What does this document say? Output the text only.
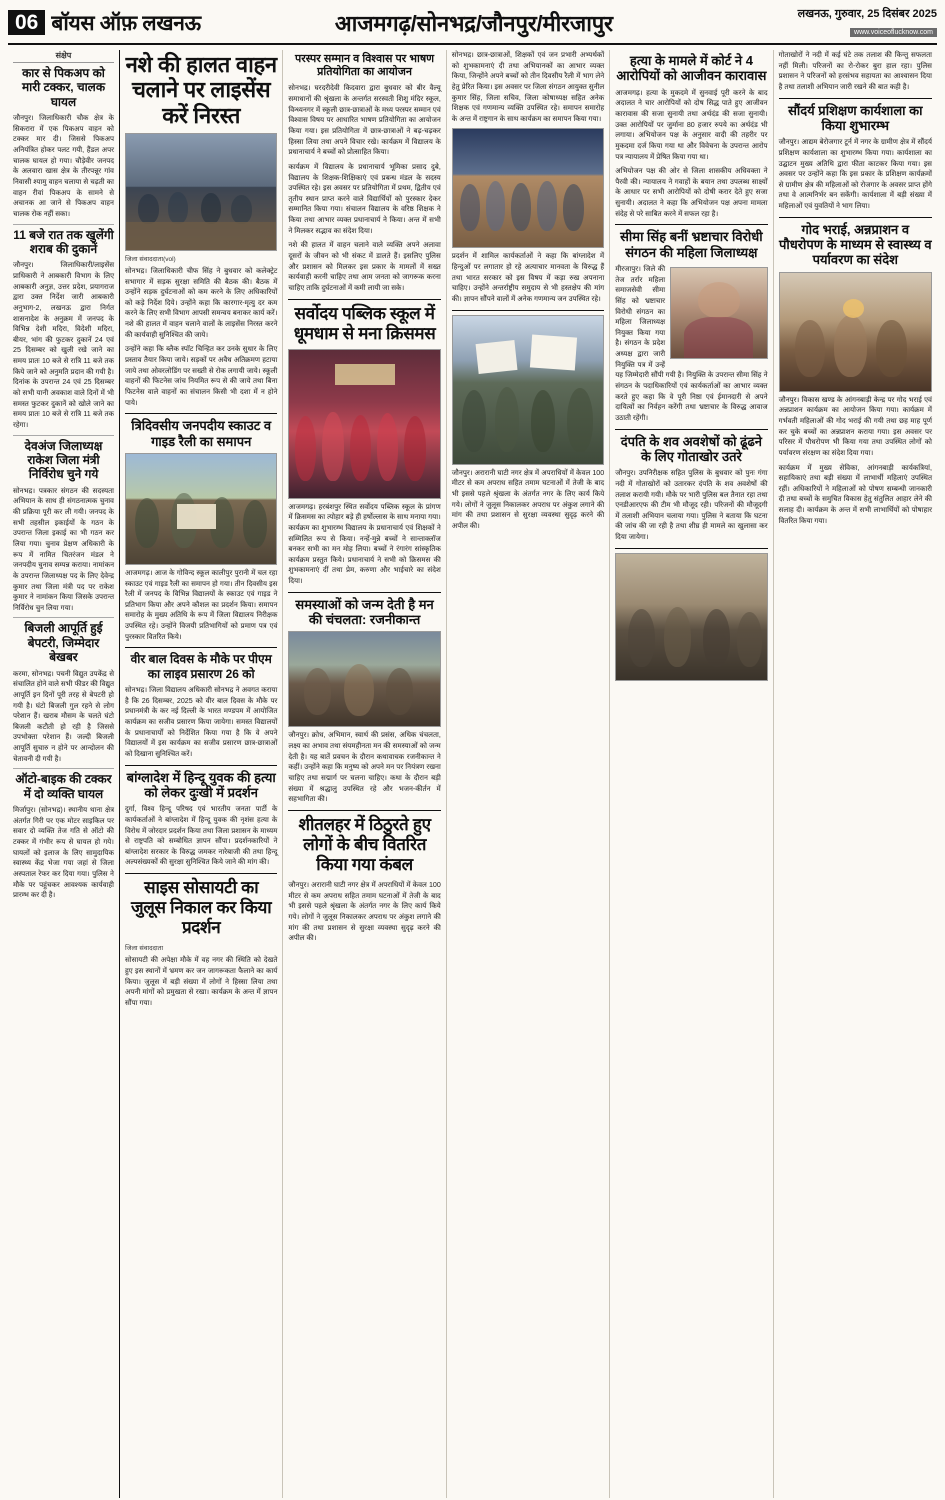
06 बॉयस ऑफ़ लखनऊ	आजमगढ़/सोनभद्र/जौनपुर/मीरजापुर	लखनऊ, गुरुवार, 25 दिसंबर 2025
www.voiceoflucknow.com
संक्षेप
कार से पिकअप को मारी टक्कर, चालक घायल

जौनपुर। जिलाधिकारी चौक क्षेत्र के सिकरारा में एक पिकअप वाहन को टक्कर मार दी। जिससे पिकअप अनियंत्रित होकर पलट गयी, हैंडल अपर चालक घायल हो गया। चौड़ेवीर जनपद के अलवारा खास क्षेत्र के तीरपन्नूर गांव निवासी श्यामु वाहन चलाया से चढ़ती का वाहन रीवां पिकअप के सामने से अचानक आ जाने से पिकअप वाहन चालक रोक नहीं सका।

11 बजे रात तक खुलेंगी शराब की दुकानें

जौनपुर। जिलाधिकारी/लाइसेंस प्राधिकारी ने आबकारी विभाग के लिए आबकारी अनुज्ञ, उत्तर प्रदेश, प्रयागराज द्वारा उक्त निर्देश जारी आबकारी अनुभाग-2, लखनऊ द्वारा निर्गत शासनादेश के अनुक्रम में जनपद के विभिन्न देशी मदिरा, विदेशी मदिरा, बीयर, भांग की फुटकर दुकानें 24 एवं 25 दिसम्बर को खुली रखे जाने का समय प्रातः 10 बजे से रात्रि 11 बजे तक किये जाने को अनुमति प्रदान की गयी है। दिनांक के उपरान्त 24 एवं 25 दिसम्बर को सभी यानी अवकाश वाले दिनों में भी समस्त फुटकर दुकानें को खोले जाने का समय प्रातः 10 बजे से रात्रि 11 बजे तक रहेगा।

देवअंज जिलाध्यक्ष राकेश जिला मंत्री निर्विरोध चुने गये

सोनभद्र। पत्रकार संगठन की सदस्यता अभियान के साथ ही संगठनात्मक चुनाव की प्रक्रिया पूरी कर ली गयी। जनपद के सभी तहसील इकाईयों के गठन के उपरान्त जिला इकाई का भी गठन कर लिया गया। चुनाव प्रेक्षण अधिकारी के रूप में नामित चितरंजन मंडल ने जनपदीय चुनाव सम्पन्न कराया। नामांकन के उपरान्त जिलाध्यक्ष पद के लिए देवेन्द्र कुमार तथा जिला मंत्री पद पर राकेश कुमार ने नामांकन किया जिसके उपरान्त निर्विरोध चुन लिया गया।

बिजली आपूर्ति हुई बेपटरी, जिम्मेदार बेखबर

करमा, सोनभद्र। पचनी विद्युत उपकेंद्र से संचालित होने वाले सभी फीडर की विद्युत आपूर्ति इन दिनों पूरी तरह से बेपटरी हो गयी है। घंटो बिजली गुल रहने से लोग परेशान हैं। खराब मौसम के चलते घंटो बिजली कटौती हो रही है जिससे उपभोक्ता परेशान हैं। जल्दी बिजली आपूर्ति सुचारु न होने पर आन्दोलन की चेतावनी दी गयी है।

ऑटो-बाइक की टक्कर में दो व्यक्ति घायल

मिर्जापुर। (सोनभद्र)। स्थानीय थाना क्षेत्र अंतर्गत गिरी पर एक मोटर साइकिल पर सवार दो व्यक्ति तेज गति से ऑटो की टक्कर में गंभीर रूप से घायल हो गये। घायलों को इलाज के लिए सामुदायिक स्वास्थ्य केंद्र भेजा गया जहां से जिला अस्पताल रेफर कर दिया गया। पुलिस ने मौके पर पहुंचकर आवश्यक कार्यवाही प्रारम्भ कर दी है।

नशे की हालत वाहन चलाने पर लाइसेंस करें निरस्त
जिला संवाददाता(vol)

सोनभद्र। जिलाधिकारी चीफ सिंह ने बुधवार को कलेक्ट्रेट सभागार में सड़क सुरक्षा समिति की बैठक की। बैठक में उन्होंने सड़क दुर्घटनाओं को कम करने के लिए अधिकारियों को कड़े निर्देश दिये। उन्होंने कहा कि कारगार-मृत्यु दर कम करने के लिए सभी विभाग आपसी समन्वय बनाकर कार्य करें। नशे की हालत में वाहन चलाने वालों के लाइसेंस निरस्त करने की कार्यवाही सुनिश्चित की जाये।

उन्होंने कहा कि ब्लैक स्पॉट चिन्हित कर उनके सुधार के लिए प्रस्ताव तैयार किया जाये। सड़कों पर अवैध अतिक्रमण हटाया जाये तथा ओवरलोडिंग पर सख्ती से रोक लगायी जाये। स्कूली वाहनों की फिटनेस जांच नियमित रूप से की जाये तथा बिना फिटनेस वाले वाहनों का संचालन किसी भी दशा में न होने पाये।

त्रिदिवसीय जनपदीय स्काउट व गाइड रैली का समापन

आजमगढ़। आज के गोविन्द स्कूल कालीपुर पुरानी में चल रहा स्काउट एवं गाइड रैली का समापन हो गया। तीन दिवसीय इस रैली में जनपद के विभिन्न विद्यालयों के स्काउट एवं गाइड ने प्रतिभाग किया और अपने कौशल का प्रदर्शन किया। समापन समारोह के मुख्य अतिथि के रूप में जिला विद्यालय निरीक्षक उपस्थित रहे। उन्होंने विजयी प्रतिभागियों को प्रमाण पत्र एवं पुरस्कार वितरित किये।

वीर बाल दिवस के मौके पर पीएम का लाइव प्रसारण 26 को

सोनभद्र। जिला विद्यालय अधिकारी सोनभद्र ने अवगत कराया है कि 26 दिसम्बर, 2025 को वीर बाल दिवस के मौके पर प्रधानमंत्री के कर नई दिल्ली के भारत मण्डपम में आयोजित कार्यक्रम का सजीव प्रसारण किया जायेगा। समस्त विद्यालयों के प्रधानाचार्यों को निर्देशित किया गया है कि वे अपने विद्यालयों में इस कार्यक्रम का सजीव प्रसारण छात्र-छात्राओं को दिखाना सुनिश्चित करें।

बांग्लादेश में हिन्दू युवक की हत्या को लेकर दुःखी में प्रदर्शन

दुर्गा, विश्व हिन्दू परिषद एवं भारतीय जनता पार्टी के कार्यकर्ताओं ने बांग्लादेश में हिन्दू युवक की नृशंस हत्या के विरोध में जोरदार प्रदर्शन किया तथा जिला प्रशासन के माध्यम से राष्ट्रपति को सम्बोधित ज्ञापन सौंपा। प्रदर्शनकारियों ने बांग्लादेश सरकार के विरुद्ध जमकर नारेबाजी की तथा हिन्दू अल्पसंख्यकों की सुरक्षा सुनिश्चित किये जाने की मांग की।

साइस सोसायटी का जुलूस निकाल कर किया प्रदर्शन
जिला संवाददाता

सोसायटी की अपेक्षा मौके में वह नगर की स्थिति को देखते हुए इस स्थानों में भ्रमण कर जन जागरूकता फैलाने का कार्य किया। जुलूस में बड़ी संख्या में लोगों ने हिस्सा लिया तथा अपनी मांगों को प्रमुखता से रखा। कार्यक्रम के अन्त में ज्ञापन सौंपा गया।

परस्पर सम्मान व विश्वास पर भाषण प्रतियोगिता का आयोजन

सोनभद्र। घरदरीदेवी किदवारा द्वारा बुधवार को बीर वैल्यू समाधानों की श्रृंखला के अन्तर्गत सरस्वती शिशु मंदिर स्कूल, विन्ध्यनगर में स्कूली छात्र-छात्राओं के मध्य परस्पर सम्मान एवं विश्वास विषय पर आधारित भाषण प्रतियोगिता का आयोजन किया गया। इस प्रतियोगिता में छात्र-छात्राओं ने बढ़-चढ़कर हिस्सा लिया तथा अपने विचार रखे। कार्यक्रम में विद्यालय के प्रधानाचार्य ने बच्चों को प्रोत्साहित किया।

कार्यक्रम में विद्यालय के प्रधानाचार्य भूमिका प्रसाद दुबे, विद्यालय के शिक्षक-शिक्षिकाएं एवं प्रबन्ध मंडल के सदस्य उपस्थित रहे। इस अवसर पर प्रतियोगिता में प्रथम, द्वितीय एवं तृतीय स्थान प्राप्त करने वाले विद्यार्थियों को पुरस्कार देकर सम्मानित किया गया। संचालन विद्यालय के वरिष्ठ शिक्षक ने किया तथा आभार व्यक्त प्रधानाचार्य ने किया। अन्त में सभी ने मिलकर सद्भाव का संदेश दिया।

नशे की हालत में वाहन चलाने वाले व्यक्ति अपने अलावा दूसरों के जीवन को भी संकट में डालते हैं। इसलिए पुलिस और प्रशासन को मिलकर इस प्रकार के मामलों में सख्त कार्यवाही करनी चाहिए तथा आम जनता को जागरूक करना चाहिए ताकि दुर्घटनाओं में कमी लायी जा सके।

सर्वोदय पब्लिक स्कूल में धूमधाम से मना क्रिसमस

आजमगढ़। हरबंशपुर स्थित सर्वोदय पब्लिक स्कूल के प्रांगण में क्रिसमस का त्योहार बड़े ही हर्षोल्लास के साथ मनाया गया। कार्यक्रम का शुभारम्भ विद्यालय के प्रधानाचार्य एवं शिक्षकों ने सम्मिलित रूप से किया। नन्हें-मुन्ने बच्चों ने सान्ताक्लॉज बनकर सभी का मन मोह लिया। बच्चों ने रंगारंग सांस्कृतिक कार्यक्रम प्रस्तुत किये। प्रधानाचार्य ने सभी को क्रिसमस की शुभकामनाएं दीं तथा प्रेम, करुणा और भाईचारे का संदेश दिया।

समस्याओं को जन्म देती है मन की चंचलता: रजनीकान्त

जौनपुर। क्रोध, अभिमान, स्वार्थ की प्रसंस, अधिक चंचलता, लक्ष्य का अभाव तथा संयमहीनता मन की समस्याओं को जन्म देती है। यह बातें प्रवचन के दौरान कथावाचक रजनीकान्त ने कहीं। उन्होंने कहा कि मनुष्य को अपने मन पर नियंत्रण रखना चाहिए तथा सद्मार्ग पर चलना चाहिए। कथा के दौरान बड़ी संख्या में श्रद्धालु उपस्थित रहे और भजन-कीर्तन में सहभागिता की।

शीतलहर में ठिठुरते हुए लोगों के बीच वितरित किया गया कंबल

जौनपुर। अरारानी घाटी नगर क्षेत्र में अपराधियों में केवल 100 मीटर से कम अपराध सहित तमाम घटनाओं में तेजी के बाद भी इससे पहले श्रृंखला के अंतर्गत नगर के लिए कार्य किये गये। लोगों ने जुलूस निकालकर अपराध पर अंकुश लगाने की मांग की तथा प्रशासन से सुरक्षा व्यवस्था सुदृढ़ करने की अपील की।

सोनभद्र। छात्र-छात्राओं, शिक्षकों एवं जन प्रभारी अभ्यर्थकों को शुभकामनाएं दी तथा अभियानकों का आभार व्यक्त किया, जिन्होंने अपने बच्चों को तीन दिवसीय रैली में भाग लेने हेतु प्रेरित किया। इस अवसर पर जिला संगठन आयुक्त सुनील कुमार सिंह, जिला सचिव, जिला कोषाध्यक्ष सहित अनेक शिक्षक एवं गणमान्य व्यक्ति उपस्थित रहे। समापन समारोह के अन्त में राष्ट्रगान के साथ कार्यक्रम का समापन किया गया।

प्रदर्शन में शामिल कार्यकर्ताओं ने कहा कि बांग्लादेश में हिन्दुओं पर लगातार हो रहे अत्याचार मानवता के विरुद्ध हैं तथा भारत सरकार को इस विषय में कड़ा रुख अपनाना चाहिए। उन्होंने अन्तर्राष्ट्रीय समुदाय से भी हस्तक्षेप की मांग की। ज्ञापन सौंपने वालों में अनेक गणमान्य जन उपस्थित रहे।

जौनपुर। अरारानी घाटी नगर क्षेत्र में अपराधियों में केवल 100 मीटर से कम अपराध सहित तमाम घटनाओं में तेजी के बाद भी इससे पहले श्रृंखला के अंतर्गत नगर के लिए कार्य किये गये। लोगों ने जुलूस निकालकर अपराध पर अंकुश लगाने की मांग की तथा प्रशासन से सुरक्षा व्यवस्था सुदृढ़ करने की अपील की।

हत्या के मामले में कोर्ट ने 4 आरोपियों को आजीवन कारावास

आजमगढ़। हत्या के मुकदमे में सुनवाई पूरी करने के बाद अदालत ने चार आरोपियों को दोष सिद्ध पाते हुए आजीवन कारावास की सजा सुनायी तथा अर्थदंड की सजा सुनायी। उक्त आरोपियों पर जुर्माना 80 हजार रुपये का अर्थदंड भी लगाया। अभियोजन पक्ष के अनुसार वादी की तहरीर पर मुकदमा दर्ज किया गया था और विवेचना के उपरान्त आरोप पत्र न्यायालय में प्रेषित किया गया था।

अभियोजन पक्ष की ओर से जिला शासकीय अधिवक्ता ने पैरवी की। न्यायालय ने गवाहों के बयान तथा उपलब्ध साक्ष्यों के आधार पर सभी आरोपियों को दोषी करार देते हुए सजा सुनायी। अदालत ने कहा कि अभियोजन पक्ष अपना मामला संदेह से परे साबित करने में सफल रहा है।

सीमा सिंह बनीं भ्रष्टाचार विरोधी संगठन की महिला जिलाध्यक्ष

मीरजापुर। जिले की तेज तर्रार महिला समाजसेवी सीमा सिंह को भ्रष्टाचार विरोधी संगठन का महिला जिलाध्यक्ष नियुक्त किया गया है। संगठन के प्रदेश अध्यक्ष द्वारा जारी नियुक्ति पत्र में उन्हें यह जिम्मेदारी सौंपी गयी है। नियुक्ति के उपरान्त सीमा सिंह ने संगठन के पदाधिकारियों एवं कार्यकर्ताओं का आभार व्यक्त करते हुए कहा कि वे पूरी निष्ठा एवं ईमानदारी से अपने दायित्वों का निर्वहन करेंगी तथा भ्रष्टाचार के विरुद्ध आवाज उठाती रहेंगी।

दंपति के शव अवशेषों को ढूंढने के लिए गोताखोर उतरे

जौनपुर। उपनिरीक्षक सहित पुलिस के बुधवार को पुनः गंगा नदी में गोताखोरों को उतारकर दंपति के शव अवशेषों की तलाश करायी गयी। मौके पर भारी पुलिस बल तैनात रहा तथा एनडीआरएफ की टीम भी मौजूद रही। परिजनों की मौजूदगी में तलाशी अभियान चलाया गया। पुलिस ने बताया कि घटना की जांच की जा रही है तथा शीघ्र ही मामले का खुलासा कर दिया जायेगा।

गोताखोरों ने नदी में कई घंटे तक तलाश की किन्तु सफलता नहीं मिली। परिजनों का रो-रोकर बुरा हाल रहा। पुलिस प्रशासन ने परिजनों को हरसंभव सहायता का आश्वासन दिया है तथा तलाशी अभियान जारी रखने की बात कही है।

सौंदर्य प्रशिक्षण कार्यशाला का किया शुभारम्भ

जौनपुर। आद्यम बेरोजगार टूर्न में नगर के ग्रामीण क्षेत्र में सौंदर्य प्रशिक्षण कार्यशाला का शुभारम्भ किया गया। कार्यशाला का उद्घाटन मुख्य अतिथि द्वारा फीता काटकर किया गया। इस अवसर पर उन्होंने कहा कि इस प्रकार के प्रशिक्षण कार्यक्रमों से ग्रामीण क्षेत्र की महिलाओं को रोजगार के अवसर प्राप्त होंगे तथा वे आत्मनिर्भर बन सकेंगी। कार्यशाला में बड़ी संख्या में महिलाओं एवं युवतियों ने भाग लिया।

गोद भराई, अन्नप्राशन व पौधरोपण के माध्यम से स्वास्थ्य व पर्यावरण का संदेश

जौनपुर। विकास खण्ड के आंगनबाड़ी केन्द्र पर गोद भराई एवं अन्नप्राशन कार्यक्रम का आयोजन किया गया। कार्यक्रम में गर्भवती महिलाओं की गोद भराई की गयी तथा छह माह पूर्ण कर चुके बच्चों का अन्नप्राशन कराया गया। इस अवसर पर परिसर में पौधरोपण भी किया गया तथा उपस्थित लोगों को पर्यावरण संरक्षण का संदेश दिया गया।

कार्यक्रम में मुख्य सेविका, आंगनबाड़ी कार्यकत्रियां, सहायिकाएं तथा बड़ी संख्या में लाभार्थी महिलाएं उपस्थित रहीं। अधिकारियों ने महिलाओं को पोषण सम्बन्धी जानकारी दी तथा बच्चों के समुचित विकास हेतु संतुलित आहार लेने की सलाह दी। कार्यक्रम के अन्त में सभी लाभार्थियों को पोषाहार वितरित किया गया।
